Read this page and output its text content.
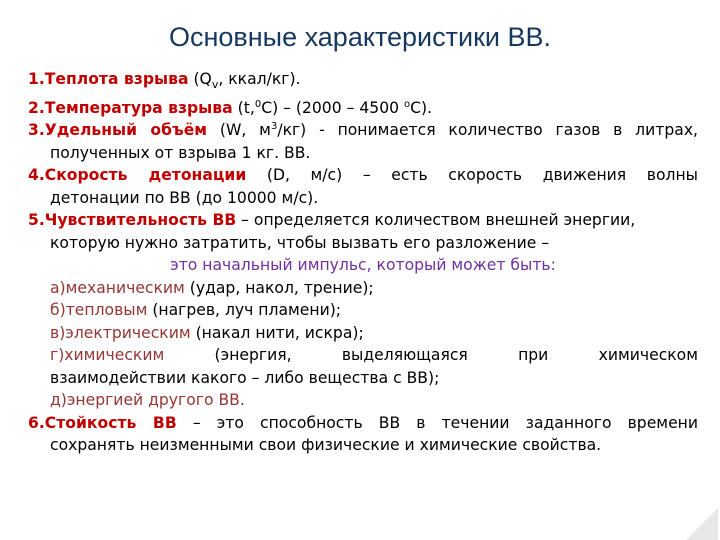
Основные характеристики ВВ.
1.Теплота взрыва ($Q_v$, ккал/кг).
2.Температура взрыва (t,$^0$С) – (2000 – 4500 $^о$С).
3.Удельный объём (W, $м^3/кг$) - понимается количество газов в литрах,
полученных от взрыва 1 кг. ВВ.
4.Скорость детонации (D, м/с) – есть скорость движения волны
детонации по ВВ (до 10000 м/с).
5.Чувствительность ВВ – определяется количеством внешней энергии,
которую нужно затратить, чтобы вызвать его разложение –
это начальный импульс, который может быть:
а)механическим (удар, накол, трение);
б)тепловым (нагрев, луч пламени);
в)электрическим (накал нити, искра);
г)химическим (энергия, выделяющаяся при химическом
взаимодействии какого – либо вещества с ВВ);
д)энергией другого ВВ.
6.Стойкость ВВ – это способность ВВ в течении заданного времени
сохранять неизменными свои физические и химические свойства.
